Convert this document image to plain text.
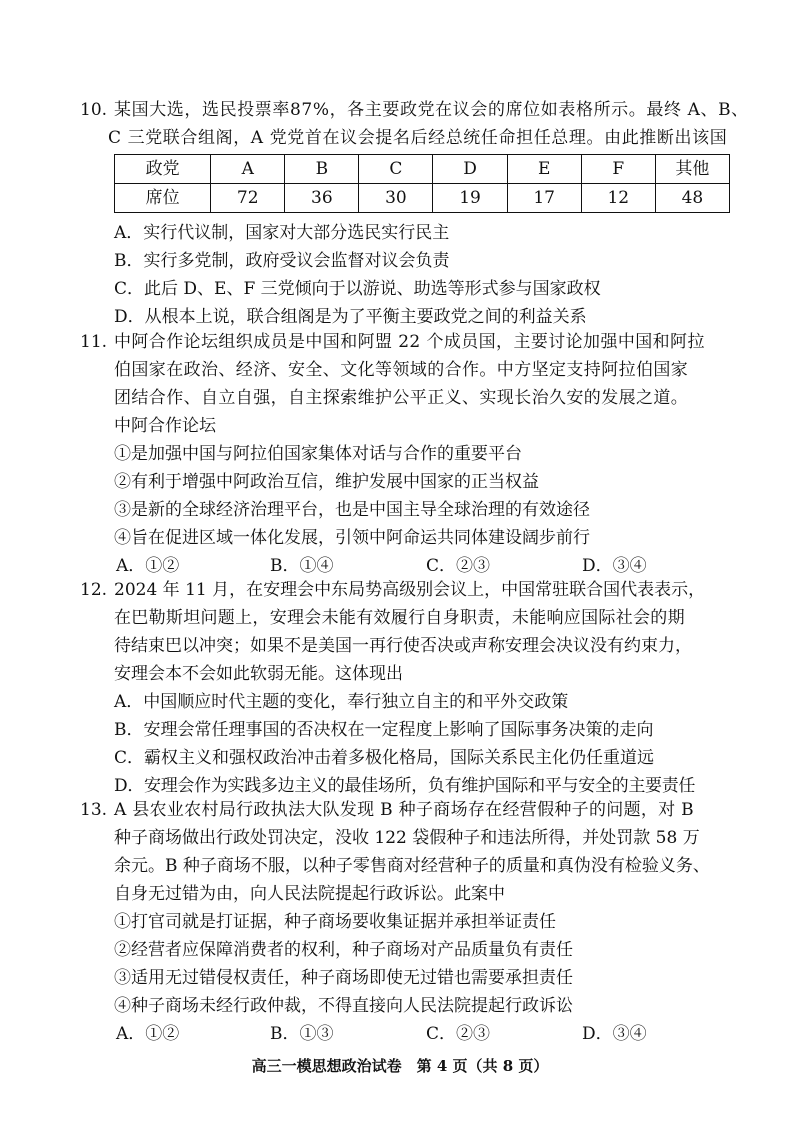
10. 某国大选，选民投票率87%，各主要政党在议会的席位如表格所示。最终 A、B、
C 三党联合组阁，A 党党首在议会提名后经总统任命担任总理。由此推断出该国
政党	A	B	C	D	E	F	其他
席位	72	36	30	19	17	12	48
A．实行代议制，国家对大部分选民实行民主
B．实行多党制，政府受议会监督对议会负责
C．此后 D、E、F 三党倾向于以游说、助选等形式参与国家政权
D．从根本上说，联合组阁是为了平衡主要政党之间的利益关系
11. 中阿合作论坛组织成员是中国和阿盟 22 个成员国，主要讨论加强中国和阿拉
伯国家在政治、经济、安全、文化等领域的合作。中方坚定支持阿拉伯国家
团结合作、自立自强，自主探索维护公平正义、实现长治久安的发展之道。
中阿合作论坛
①是加强中国与阿拉伯国家集体对话与合作的重要平台
②有利于增强中阿政治互信，维护发展中国家的正当权益
③是新的全球经济治理平台，也是中国主导全球治理的有效途径
④旨在促进区域一体化发展，引领中阿命运共同体建设阔步前行
A．①②	B．①④	C．②③	D．③④
12. 2024 年 11 月，在安理会中东局势高级别会议上，中国常驻联合国代表表示，
在巴勒斯坦问题上，安理会未能有效履行自身职责，未能响应国际社会的期
待结束巴以冲突；如果不是美国一再行使否决或声称安理会决议没有约束力，
安理会本不会如此软弱无能。这体现出
A．中国顺应时代主题的变化，奉行独立自主的和平外交政策
B．安理会常任理事国的否决权在一定程度上影响了国际事务决策的走向
C．霸权主义和强权政治冲击着多极化格局，国际关系民主化仍任重道远
D．安理会作为实践多边主义的最佳场所，负有维护国际和平与安全的主要责任
13. A 县农业农村局行政执法大队发现 B 种子商场存在经营假种子的问题，对 B
种子商场做出行政处罚决定，没收 122 袋假种子和违法所得，并处罚款 58 万
余元。B 种子商场不服，以种子零售商对经营种子的质量和真伪没有检验义务、
自身无过错为由，向人民法院提起行政诉讼。此案中
①打官司就是打证据，种子商场要收集证据并承担举证责任
②经营者应保障消费者的权利，种子商场对产品质量负有责任
③适用无过错侵权责任，种子商场即使无过错也需要承担责任
④种子商场未经行政仲裁，不得直接向人民法院提起行政诉讼
A．①②	B．①③	C．②③	D．③④
高三一模思想政治试卷　第 4 页（共 8 页）
